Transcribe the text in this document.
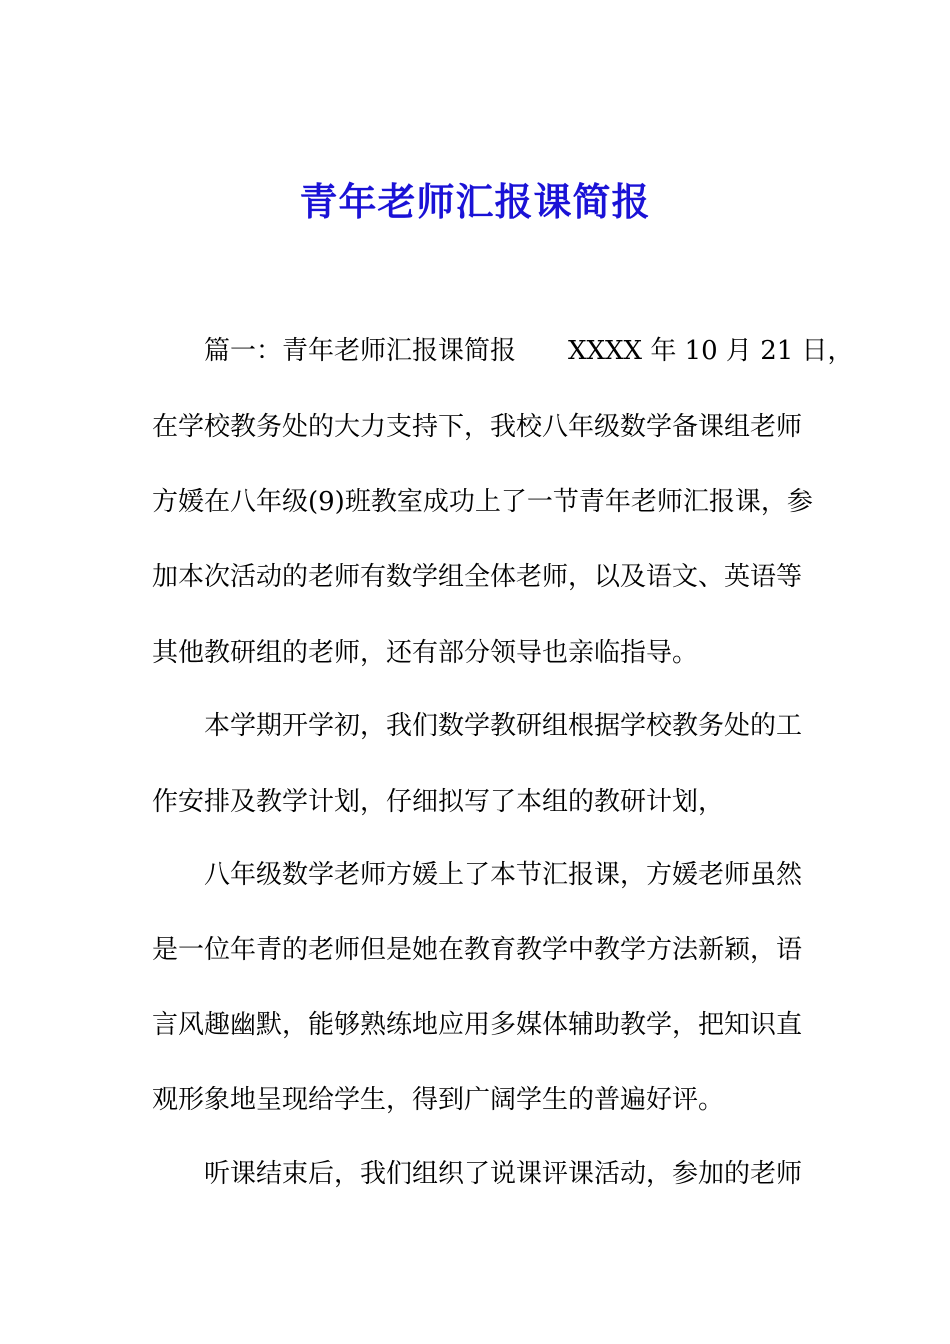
青年老师汇报课简报
篇一：青年老师汇报课简报 XXXX 年 10 月 21 日，
在学校教务处的大力支持下，我校八年级数学备课组老师
方媛在八年级(9)班教室成功上了一节青年老师汇报课，参
加本次活动的老师有数学组全体老师，以及语文、英语等
其他教研组的老师，还有部分领导也亲临指导。
本学期开学初，我们数学教研组根据学校教务处的工
作安排及教学计划，仔细拟写了本组的教研计划，
八年级数学老师方媛上了本节汇报课，方媛老师虽然
是一位年青的老师但是她在教育教学中教学方法新颖，语
言风趣幽默，能够熟练地应用多媒体辅助教学，把知识直
观形象地呈现给学生，得到广阔学生的普遍好评。
听课结束后，我们组织了说课评课活动，参加的老师
